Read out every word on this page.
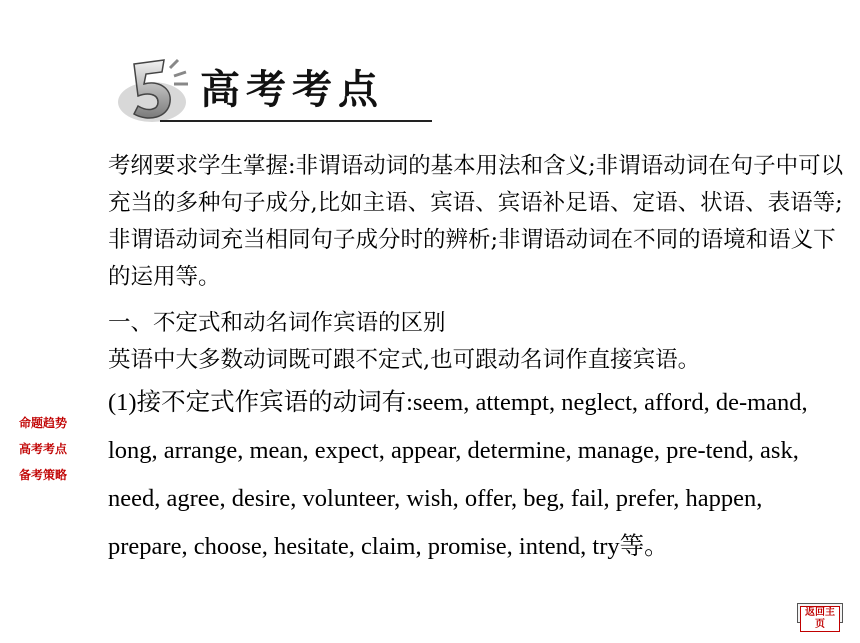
高考考点

考纲要求学生掌握:非谓语动词的基本用法和含义;非谓语动词在句子中可以充当的多种句子成分,比如主语、宾语、宾语补足语、定语、状语、表语等;非谓语动词充当相同句子成分时的辨析;非谓语动词在不同的语境和语义下的运用等。

一、不定式和动名词作宾语的区别

英语中大多数动词既可跟不定式,也可跟动名词作直接宾语。

(1)接不定式作宾语的动词有:seem, attempt, neglect, afford, de-mand, long, arrange, mean, expect, appear, determine, manage, pre-tend, ask, need, agree, desire, volunteer, wish, offer, beg, fail, prefer, happen, prepare, choose, hesitate, claim, promise, intend, try等。

命题趋势
高考考点
备考策略
返回主页
